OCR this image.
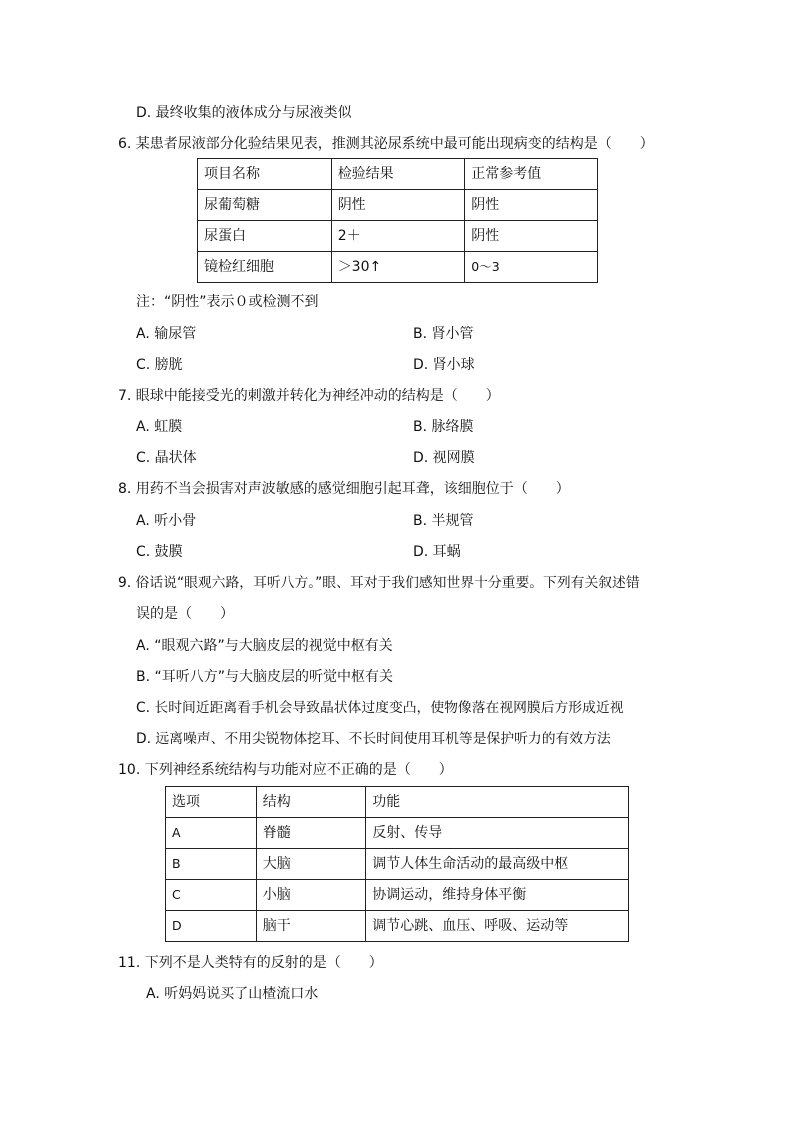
D. 最终收集的液体成分与尿液类似
6. 某患者尿液部分化验结果见表，推测其泌尿系统中最可能出现病变的结构是（　　）
项目名称	检验结果	正常参考值
尿葡萄糖	阴性	阴性
尿蛋白	2＋	阴性
镜检红细胞	＞30↑	0～3
注：“阴性”表示０或检测不到
A. 输尿管	B. 肾小管
C. 膀胱	D. 肾小球
7. 眼球中能接受光的刺激并转化为神经冲动的结构是（　　）
A. 虹膜	B. 脉络膜
C. 晶状体	D. 视网膜
8. 用药不当会损害对声波敏感的感觉细胞引起耳聋，该细胞位于（　　）
A. 听小骨	B. 半规管
C. 鼓膜	D. 耳蜗
9. 俗话说“眼观六路，耳听八方。”眼、耳对于我们感知世界十分重要。下列有关叙述错
误的是（　　）
A. “眼观六路”与大脑皮层的视觉中枢有关
B. “耳听八方”与大脑皮层的听觉中枢有关
C. 长时间近距离看手机会导致晶状体过度变凸，使物像落在视网膜后方形成近视
D. 远离噪声、不用尖锐物体挖耳、不长时间使用耳机等是保护听力的有效方法
10. 下列神经系统结构与功能对应不正确的是（　　）
选项	结构	功能
A	脊髓	反射、传导
B	大脑	调节人体生命活动的最高级中枢
C	小脑	协调运动，维持身体平衡
D	脑干	调节心跳、血压、呼吸、运动等
11. 下列不是人类特有的反射的是（　　）
A. 听妈妈说买了山楂流口水
